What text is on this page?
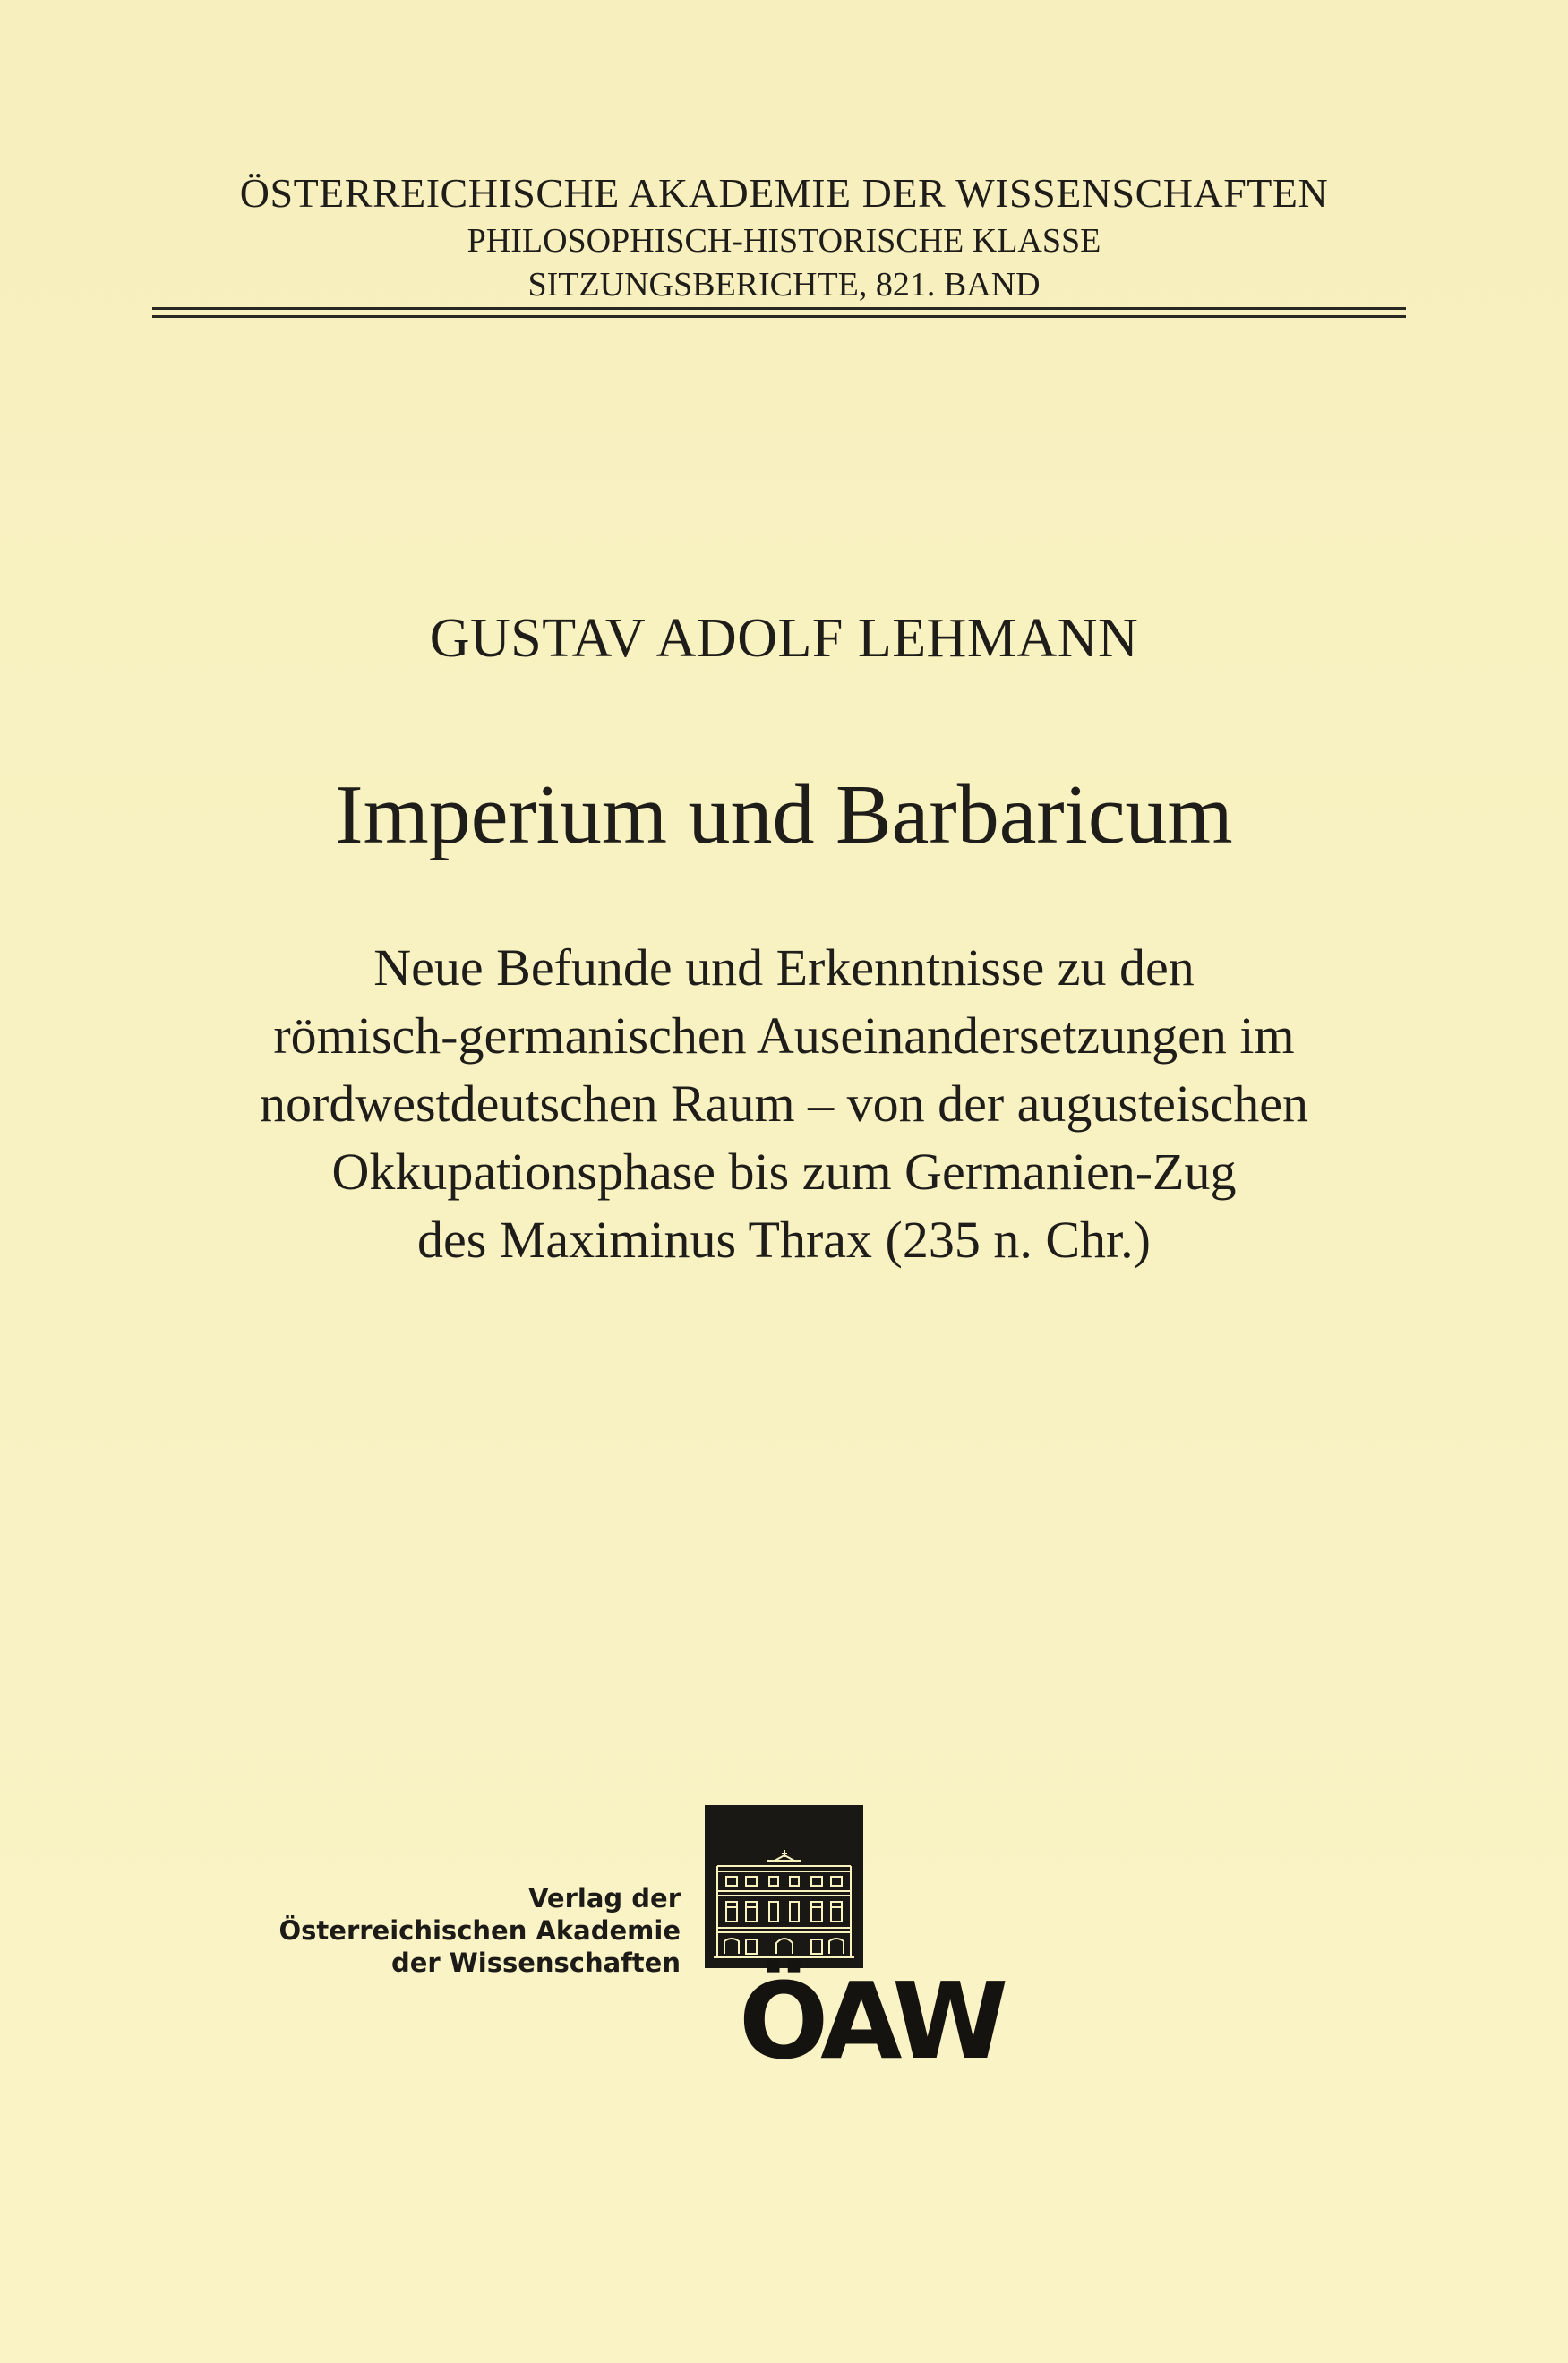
ÖSTERREICHISCHE AKADEMIE DER WISSENSCHAFTEN
PHILOSOPHISCH-HISTORISCHE KLASSE
SITZUNGSBERICHTE, 821. BAND
GUSTAV ADOLF LEHMANN
Imperium und Barbaricum
Neue Befunde und Erkenntnisse zu den
römisch-germanischen Auseinandersetzungen im
nordwestdeutschen Raum – von der augusteischen
Okkupationsphase bis zum Germanien-Zug
des Maximinus Thrax (235 n. Chr.)
Verlag der
Österreichischen Akademie
der Wissenschaften ÖAW
